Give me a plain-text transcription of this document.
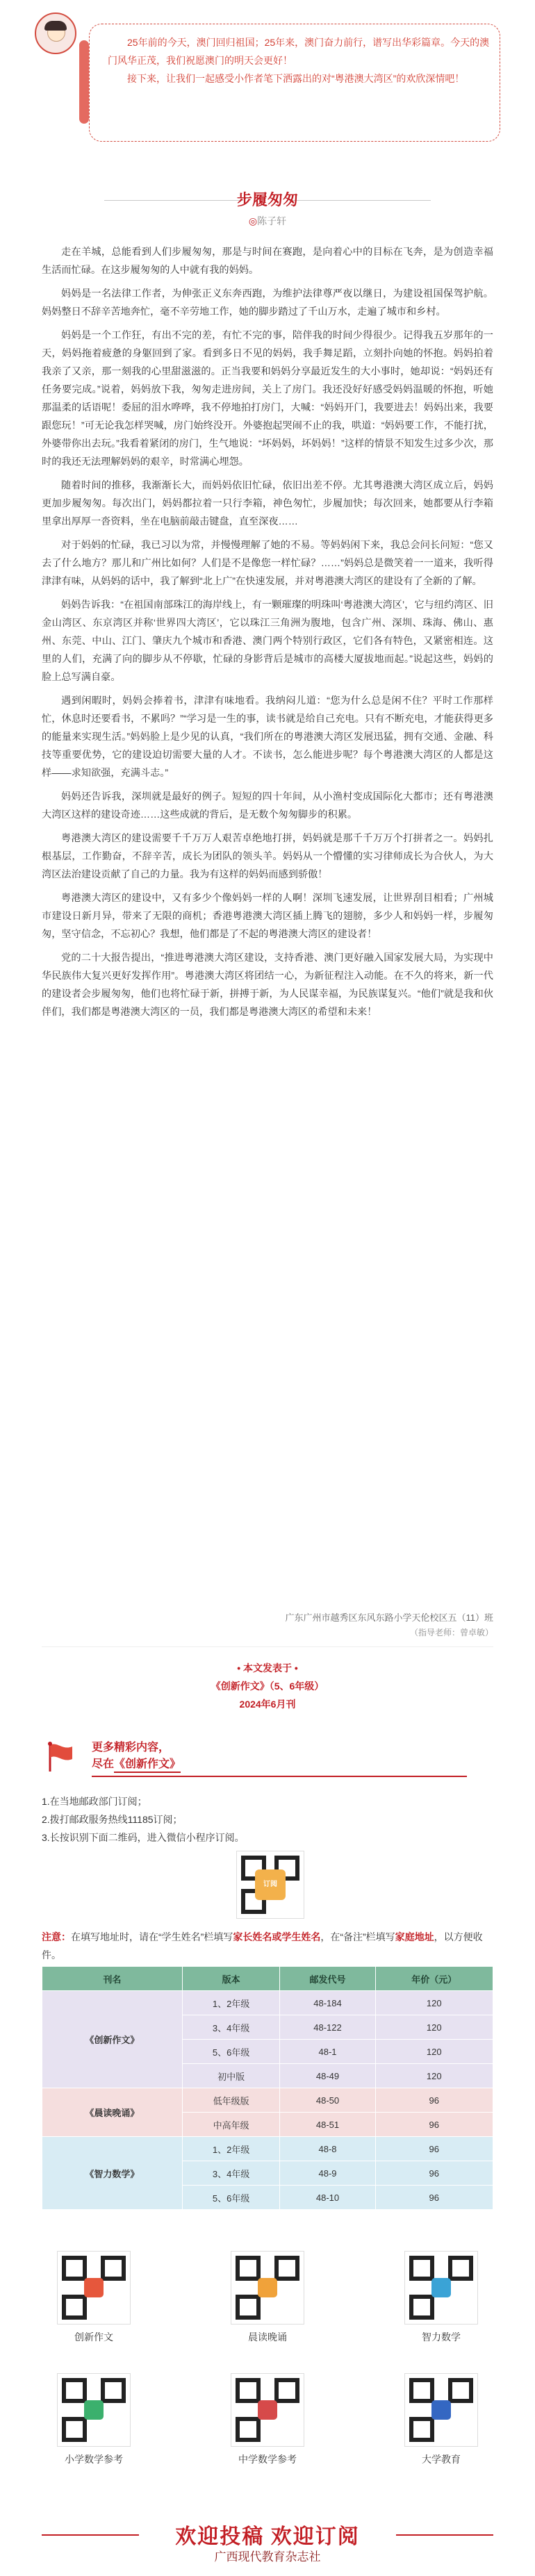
25年前的今天，澳门回归祖国；25年来，澳门奋力前行，谱写出华彩篇章。今天的澳门风华正茂，我们祝愿澳门的明天会更好！

接下来，让我们一起感受小作者笔下洒露出的对“粤港澳大湾区”的欢欣深情吧！

步履匆匆
◎陈子轩

走在羊城，总能看到人们步履匆匆，那是与时间在赛跑，是向着心中的目标在飞奔，是为创造幸福生活而忙碌。在这步履匆匆的人中就有我的妈妈。

妈妈是一名法律工作者，为伸张正义东奔西跑，为维护法律尊严夜以继日，为建设祖国保驾护航。妈妈整日不辞辛苦地奔忙，毫不辛劳地工作，她的脚步踏过了千山万水，走遍了城市和乡村。

妈妈是一个工作狂，有出不完的差，有忙不完的事，陪伴我的时间少得很少。记得我五岁那年的一天，妈妈拖着疲惫的身躯回到了家。看到多日不见的妈妈，我手舞足蹈，立刻扑向她的怀抱。妈妈拍着我亲了又亲，那一刻我的心里甜滋滋的。正当我要和妈妈分享最近发生的大小事时，她却说：“妈妈还有任务要完成。”说着，妈妈放下我，匆匆走进房间，关上了房门。我还没好好感受妈妈温暖的怀抱，听她那温柔的话语呢！委屈的泪水哗哗，我不停地拍打房门，大喊：“妈妈开门，我要进去！妈妈出来，我要跟您玩！”可无论我怎样哭喊，房门始终没开。外婆抱起哭闹不止的我，哄道：“妈妈要工作，不能打扰，外婆带你出去玩。”我看着紧闭的房门，生气地说：“坏妈妈，坏妈妈！”这样的情景不知发生过多少次，那时的我还无法理解妈妈的艰辛，时常满心埋怨。

随着时间的推移，我渐渐长大，而妈妈依旧忙碌，依旧出差不停。尤其粤港澳大湾区成立后，妈妈更加步履匆匆。每次出门，妈妈都拉着一只行李箱，神色匆忙，步履加快；每次回来，她都要从行李箱里拿出厚厚一沓资料，坐在电脑前敲击键盘，直至深夜……

对于妈妈的忙碌，我已习以为常，并慢慢理解了她的不易。等妈妈闲下来，我总会问长问短：“您又去了什么地方？那儿和广州比如何？人们是不是像您一样忙碌？……”妈妈总是微笑着一一道来，我听得津津有味，从妈妈的话中，我了解到“北上广”在快速发展，并对粤港澳大湾区的建设有了全新的了解。

妈妈告诉我：“在祖国南部珠江的海岸线上，有一颗璀璨的明珠叫‘粤港澳大湾区’，它与纽约湾区、旧金山湾区、东京湾区并称‘世界四大湾区’，它以珠江三角洲为腹地，包含广州、深圳、珠海、佛山、惠州、东莞、中山、江门、肇庆九个城市和香港、澳门两个特别行政区，它们各有特色，又紧密相连。这里的人们，充满了向的脚步从不停歇，忙碌的身影背后是城市的高楼大厦拔地而起。”说起这些，妈妈的脸上总写满自豪。

遇到闲暇时，妈妈会捧着书，津津有味地看。我纳闷儿道：“您为什么总是闲不住？平时工作那样忙，休息时还要看书，不累吗？”“学习是一生的事，读书就是给自己充电。只有不断充电，才能获得更多的能量来实现生活。”妈妈脸上是少见的认真，“我们所在的粤港澳大湾区发展迅猛，拥有交通、金融、科技等重要优势，它的建设迫切需要大量的人才。不读书，怎么能进步呢？每个粤港澳大湾区的人都是这样——求知欲强，充满斗志。”

妈妈还告诉我，深圳就是最好的例子。短短的四十年间，从小渔村变成国际化大都市；还有粤港澳大湾区这样的建设奇迹……这些成就的背后，是无数个匆匆脚步的积累。

粤港澳大湾区的建设需要千千万万人艰苦卓绝地打拼，妈妈就是那千千万万个打拼者之一。妈妈扎根基层，工作勤奋，不辞辛苦，成长为团队的领头羊。妈妈从一个懵懂的实习律师成长为合伙人，为大湾区法治建设贡献了自己的力量。我为有这样的妈妈而感到骄傲！

粤港澳大湾区的建设中，又有多少个像妈妈一样的人啊！深圳飞速发展，让世界刮目相看；广州城市建设日新月异，带来了无限的商机；香港粤港澳大湾区插上腾飞的翅膀，多少人和妈妈一样，步履匆匆，坚守信念，不忘初心？我想，他们都是了不起的粤港澳大湾区的建设者！

党的二十大报告提出，“推进粤港澳大湾区建设，支持香港、澳门更好融入国家发展大局，为实现中华民族伟大复兴更好发挥作用”。粤港澳大湾区将团结一心，为新征程注入动能。在不久的将来，新一代的建设者会步履匆匆，他们也将忙碌于新，拼搏于新，为人民谋幸福，为民族谋复兴。“他们”就是我和伙伴们，我们都是粤港澳大湾区的一员，我们都是粤港澳大湾区的希望和未来！

广东广州市越秀区东风东路小学天伦校区五（11）班
（指导老师：曾卓敏）
• 本文发表于 •
《创新作文》（5、6年级）
2024年6月刊
更多精彩内容，
尽在《创新作文》
1.在当地邮政部门订阅；
2.拨打邮政服务热线11185订阅；
3.长按识别下面二维码，进入微信小程序订阅。
订阅
注意：在填写地址时，请在“学生姓名”栏填写家长姓名或学生姓名，在“备注”栏填写家庭地址，以方便收件。
刊名	版本	邮发代号	年价（元）
《创新作文》	1、2年级	48-184	120
	3、4年级	48-122	120
	5、6年级	48-1	120
	初中版	48-49	120
《晨读晚诵》	低年级版	48-50	96
	中高年级	48-51	96
《智力数学》	1、2年级	48-8	96
	3、4年级	48-9	96
	5、6年级	48-10	96
创新作文	晨读晚诵	智力数学
小学数学参考	中学数学参考	大学教育
欢迎投稿 欢迎订阅
广西现代教育杂志社
